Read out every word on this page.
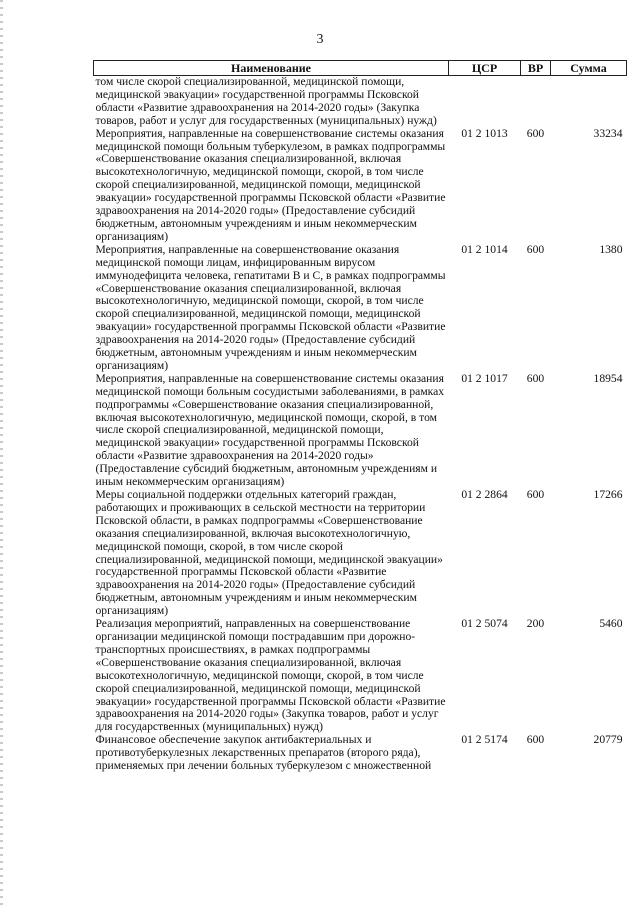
3
Наименование	ЦСР	ВР	Сумма
том числе скорой специализированной, медицинской помощи, медицинской эвакуации» государственной программы Псковской области «Развитие здравоохранения на 2014-2020 годы» (Закупка товаров, работ и услуг для государственных (муниципальных) нужд)			
Мероприятия, направленные на совершенствование системы оказания медицинской помощи больным туберкулезом, в рамках подпрограммы «Совершенствование оказания специализированной, включая высокотехнологичную, медицинской помощи, скорой, в том числе скорой специализированной, медицинской помощи, медицинской эвакуации» государственной программы Псковской области «Развитие здравоохранения на 2014-2020 годы» (Предоставление субсидий бюджетным, автономным учреждениям и иным некоммерческим организациям)	01 2 1013	600	33234
Мероприятия, направленные на совершенствование оказания медицинской помощи лицам, инфицированным вирусом иммунодефицита человека, гепатитами В и С, в рамках подпрограммы «Совершенствование оказания специализированной, включая высокотехнологичную, медицинской помощи, скорой, в том числе скорой специализированной, медицинской помощи, медицинской эвакуации» государственной программы Псковской области «Развитие здравоохранения на 2014-2020 годы» (Предоставление субсидий бюджетным, автономным учреждениям и иным некоммерческим организациям)	01 2 1014	600	1380
Мероприятия, направленные на совершенствование системы оказания медицинской помощи больным сосудистыми заболеваниями, в рамках подпрограммы «Совершенствование оказания специализированной, включая высокотехнологичную, медицинской помощи, скорой, в том числе скорой специализированной, медицинской помощи, медицинской эвакуации» государственной программы Псковской области «Развитие здравоохранения на 2014-2020 годы» (Предоставление субсидий бюджетным, автономным учреждениям и иным некоммерческим организациям)	01 2 1017	600	18954
Меры социальной поддержки отдельных категорий граждан, работающих и проживающих в сельской местности на территории Псковской области, в рамках подпрограммы «Совершенствование оказания специализированной, включая высокотехнологичную, медицинской помощи, скорой, в том числе скорой специализированной, медицинской помощи, медицинской эвакуации» государственной программы Псковской области «Развитие здравоохранения на 2014-2020 годы» (Предоставление субсидий бюджетным, автономным учреждениям и иным некоммерческим организациям)	01 2 2864	600	17266
Реализация мероприятий, направленных на совершенствование организации медицинской помощи пострадавшим при дорожно-транспортных происшествиях, в рамках подпрограммы «Совершенствование оказания специализированной, включая высокотехнологичную, медицинской помощи, скорой, в том числе скорой специализированной, медицинской помощи, медицинской эвакуации» государственной программы Псковской области «Развитие здравоохранения на 2014-2020 годы» (Закупка товаров, работ и услуг для государственных (муниципальных) нужд)	01 2 5074	200	5460
Финансовое обеспечение закупок антибактериальных и противотуберкулезных лекарственных препаратов (второго ряда), применяемых при лечении больных туберкулезом с множественной	01 2 5174	600	20779
